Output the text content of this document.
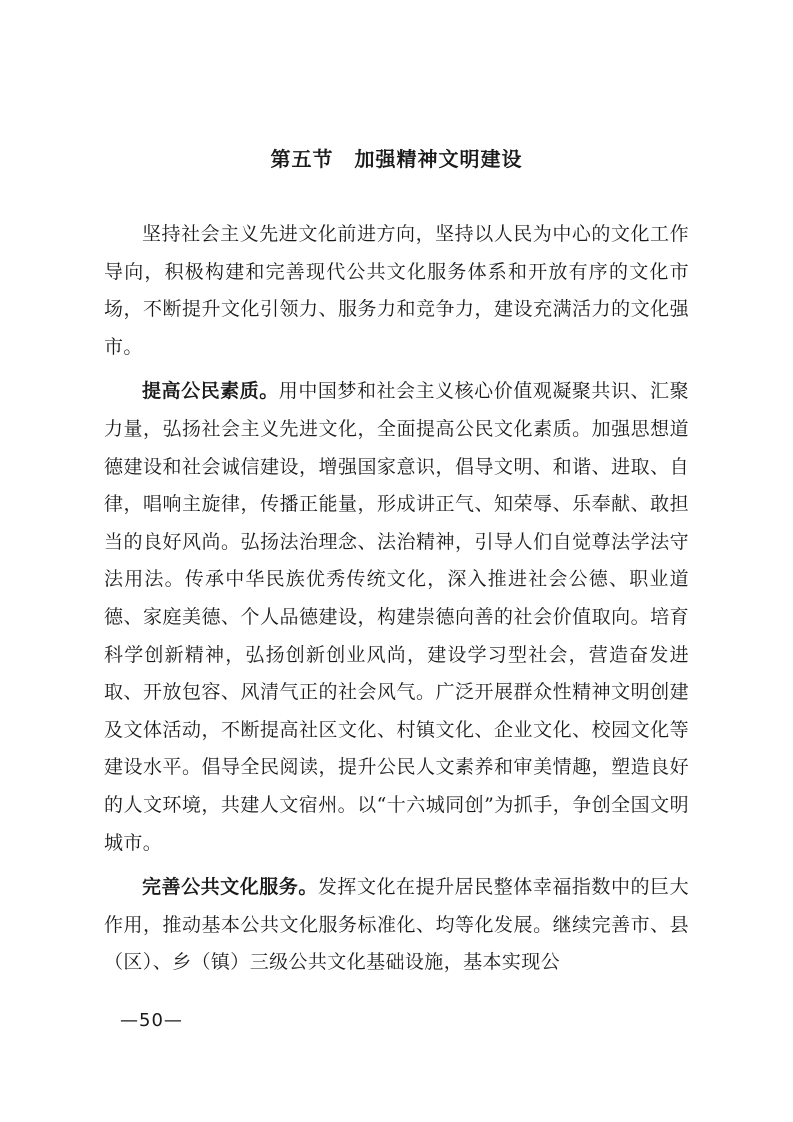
第五节　加强精神文明建设

坚持社会主义先进文化前进方向，坚持以人民为中心的文化工作导向，积极构建和完善现代公共文化服务体系和开放有序的文化市场，不断提升文化引领力、服务力和竞争力，建设充满活力的文化强市。

提高公民素质。用中国梦和社会主义核心价值观凝聚共识、汇聚力量，弘扬社会主义先进文化，全面提高公民文化素质。加强思想道德建设和社会诚信建设，增强国家意识，倡导文明、和谐、进取、自律，唱响主旋律，传播正能量，形成讲正气、知荣辱、乐奉献、敢担当的良好风尚。弘扬法治理念、法治精神，引导人们自觉尊法学法守法用法。传承中华民族优秀传统文化，深入推进社会公德、职业道德、家庭美德、个人品德建设，构建崇德向善的社会价值取向。培育科学创新精神，弘扬创新创业风尚，建设学习型社会，营造奋发进取、开放包容、风清气正的社会风气。广泛开展群众性精神文明创建及文体活动，不断提高社区文化、村镇文化、企业文化、校园文化等建设水平。倡导全民阅读，提升公民人文素养和审美情趣，塑造良好的人文环境，共建人文宿州。以“十六城同创”为抓手，争创全国文明城市。

完善公共文化服务。发挥文化在提升居民整体幸福指数中的巨大作用，推动基本公共文化服务标准化、均等化发展。继续完善市、县（区）、乡（镇）三级公共文化基础设施，基本实现公

—50—
